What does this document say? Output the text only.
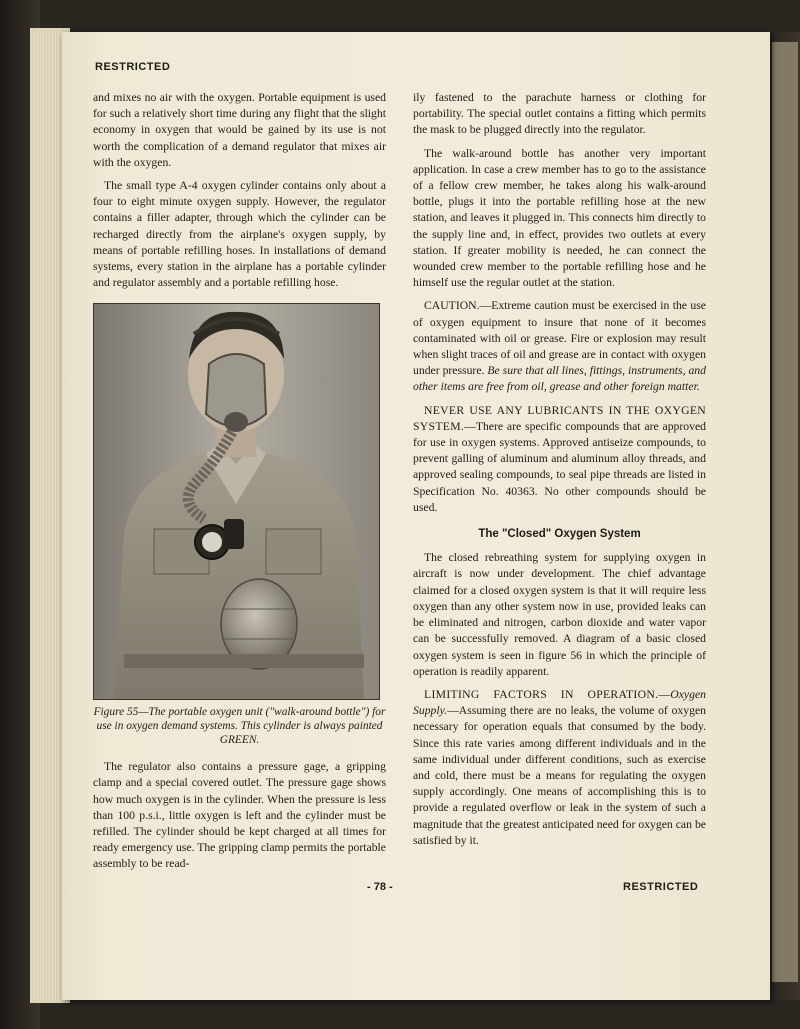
RESTRICTED

and mixes no air with the oxygen. Portable equipment is used for such a relatively short time during any flight that the slight economy in oxygen that would be gained by its use is not worth the complication of a demand regulator that mixes air with the oxygen.

The small type A-4 oxygen cylinder contains only about a four to eight minute oxygen supply. However, the regulator contains a filler adapter, through which the cylinder can be recharged directly from the airplane's oxygen supply, by means of portable refilling hoses. In installations of demand systems, every station in the airplane has a portable cylinder and regulator assembly and a portable refilling hose.

Figure 55—The portable oxygen unit ("walk-around bottle") for use in oxygen demand systems. This cylinder is always painted GREEN.

The regulator also contains a pressure gage, a gripping clamp and a special covered outlet. The pressure gage shows how much oxygen is in the cylinder. When the pressure is less than 100 p.s.i., little oxygen is left and the cylinder must be refilled. The cylinder should be kept charged at all times for ready emergency use. The gripping clamp permits the portable assembly to be read-

ily fastened to the parachute harness or clothing for portability. The special outlet contains a fitting which permits the mask to be plugged directly into the regulator.

The walk-around bottle has another very important application. In case a crew member has to go to the assistance of a fellow crew member, he takes along his walk-around bottle, plugs it into the portable refilling hose at the new station, and leaves it plugged in. This connects him directly to the supply line and, in effect, provides two outlets at every station. If greater mobility is needed, he can connect the wounded crew member to the portable refilling hose and he himself use the regular outlet at the station.

CAUTION.—Extreme caution must be exercised in the use of oxygen equipment to insure that none of it becomes contaminated with oil or grease. Fire or explosion may result when slight traces of oil and grease are in contact with oxygen under pressure. Be sure that all lines, fittings, instruments, and other items are free from oil, grease and other foreign matter.

NEVER USE ANY LUBRICANTS IN THE OXYGEN SYSTEM.—There are specific compounds that are approved for use in oxygen systems. Approved antiseize compounds, to prevent galling of aluminum and aluminum alloy threads, and approved sealing compounds, to seal pipe threads are listed in Specification No. 40363. No other compounds should be used.

The "Closed" Oxygen System

The closed rebreathing system for supplying oxygen in aircraft is now under development. The chief advantage claimed for a closed oxygen system is that it will require less oxygen than any other system now in use, provided leaks can be eliminated and nitrogen, carbon dioxide and water vapor can be successfully removed. A diagram of a basic closed oxygen system is seen in figure 56 in which the principle of operation is readily apparent.

LIMITING FACTORS IN OPERATION.—Oxygen Supply.—Assuming there are no leaks, the volume of oxygen necessary for operation equals that consumed by the body. Since this rate varies among different individuals and in the same individual under different conditions, such as exercise and cold, there must be a means for regulating the oxygen supply accordingly. One means of accomplishing this is to provide a regulated overflow or leak in the system of such a magnitude that the greatest anticipated need for oxygen can be satisfied by it.

- 78 -	RESTRICTED
